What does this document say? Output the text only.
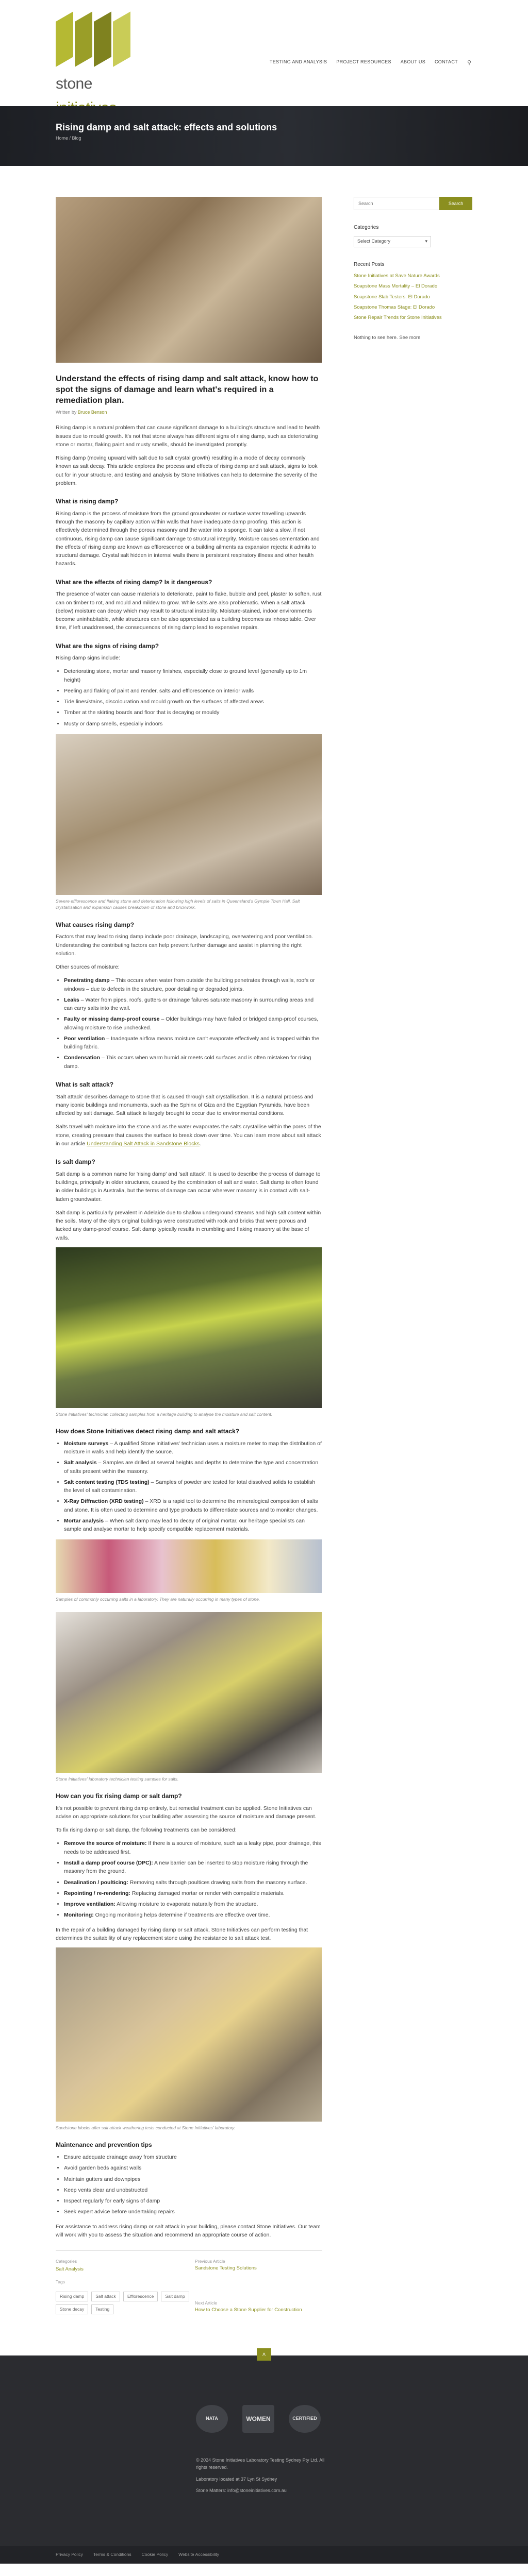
stone
TESTING AND ANALYSIS PROJECT RESOURCES ABOUT US CONTACT ⚲
Rising damp and salt attack: effects and solutions
Home / Blog
Understand the effects of rising damp and salt attack, know how to spot the signs of damage and learn what's required in a remediation plan.
Written by Bruce Benson

Rising damp is a natural problem that can cause significant damage to a building's structure and lead to health issues due to mould growth. It's not that stone always has different signs of rising damp, such as deteriorating stone or mortar, flaking paint and musty smells, should be investigated promptly.

Rising damp (moving upward with salt due to salt crystal growth) resulting in a mode of decay commonly known as salt decay. This article explores the process and effects of rising damp and salt attack, signs to look out for in your structure, and testing and analysis by Stone Initiatives can help to determine the severity of the problem.

What is rising damp?

Rising damp is the process of moisture from the ground groundwater or surface water travelling upwards through the masonry by capillary action within walls that have inadequate damp proofing. This action is effectively determined through the porous masonry and the water into a sponge. It can take a slow, if not continuous, rising damp can cause significant damage to structural integrity. Moisture causes cementation and the effects of rising damp are known as efflorescence or a building ailments as expansion rejects: it admits to structural damage. Crystal salt hidden in internal walls there is persistent respiratory illness and other health hazards.

What are the effects of rising damp? Is it dangerous?

The presence of water can cause materials to deteriorate, paint to flake, bubble and peel, plaster to soften, rust can on timber to rot, and mould and mildew to grow. While salts are also problematic. When a salt attack (below) moisture can decay which may result to structural instability. Moisture-stained, indoor environments become uninhabitable, while structures can be also appreciated as a building becomes as inhospitable. Over time, if left unaddressed, the consequences of rising damp lead to expensive repairs.

What are the signs of rising damp?

Rising damp signs include:

• Deteriorating stone, mortar and masonry finishes, especially close to ground level (generally up to 1m height)
• Peeling and flaking of paint and render, salts and efflorescence on interior walls
• Tide lines/stains, discolouration and mould growth on the surfaces of affected areas
• Timber at the skirting boards and floor that is decaying or mouldy
• Musty or damp smells, especially indoors
Severe efflorescence and flaking stone and deterioration following high levels of salts in Queensland's Gympie Town Hall. Salt crystallisation and expansion causes breakdown of stone and brickwork.
What causes rising damp?

Factors that may lead to rising damp include poor drainage, landscaping, overwatering and poor ventilation. Understanding the contributing factors can help prevent further damage and assist in planning the right solution.

Other sources of moisture:

• Penetrating damp – This occurs when water from outside the building penetrates through walls, roofs or windows – due to defects in the structure, poor detailing or degraded joints.
• Leaks – Water from pipes, roofs, gutters or drainage failures saturate masonry in surrounding areas and can carry salts into the wall.
• Faulty or missing damp-proof course – Older buildings may have failed or bridged damp-proof courses, allowing moisture to rise unchecked.
• Poor ventilation – Inadequate airflow means moisture can't evaporate effectively and is trapped within the building fabric.
• Condensation – This occurs when warm humid air meets cold surfaces and is often mistaken for rising damp.
What is salt attack?

'Salt attack' describes damage to stone that is caused through salt crystallisation. It is a natural process and many iconic buildings and monuments, such as the Sphinx of Giza and the Egyptian Pyramids, have been affected by salt damage. Salt attack is largely brought to occur due to environmental conditions.

Salts travel with moisture into the stone and as the water evaporates the salts crystallise within the pores of the stone, creating pressure that causes the surface to break down over time. You can learn more about salt attack in our article Understanding Salt Attack in Sandstone Blocks.

Is salt damp?

Salt damp is a common name for 'rising damp' and 'salt attack'. It is used to describe the process of damage to buildings, principally in older structures, caused by the combination of salt and water. Salt damp is often found in older buildings in Australia, but the terms of damage can occur wherever masonry is in contact with salt-laden groundwater.

Salt damp is particularly prevalent in Adelaide due to shallow underground streams and high salt content within the soils. Many of the city's original buildings were constructed with rock and bricks that were porous and lacked any damp-proof course. Salt damp typically results in crumbling and flaking masonry at the base of walls.

Stone Initiatives' technician collecting samples from a heritage building to analyse the moisture and salt content.
How does Stone Initiatives detect rising damp and salt attack?
• Moisture surveys – A qualified Stone Initiatives' technician uses a moisture meter to map the distribution of moisture in walls and help identify the source.
• Salt analysis – Samples are drilled at several heights and depths to determine the type and concentration of salts present within the masonry.
• Salt content testing (TDS testing) – Samples of powder are tested for total dissolved solids to establish the level of salt contamination.
• X-Ray Diffraction (XRD testing) – XRD is a rapid tool to determine the mineralogical composition of salts and stone. It is often used to determine and type products to differentiate sources and to monitor changes.
• Mortar analysis – When salt damp may lead to decay of original mortar, our heritage specialists can sample and analyse mortar to help specify compatible replacement materials.
Samples of commonly occurring salts in a laboratory. They are naturally occurring in many types of stone.
Stone Initiatives' laboratory technician testing samples for salts.
How can you fix rising damp or salt damp?

It's not possible to prevent rising damp entirely, but remedial treatment can be applied. Stone Initiatives can advise on appropriate solutions for your building after assessing the source of moisture and damage present.

To fix rising damp or salt damp, the following treatments can be considered:

• Remove the source of moisture: If there is a source of moisture, such as a leaky pipe, poor drainage, this needs to be addressed first.
• Install a damp proof course (DPC): A new barrier can be inserted to stop moisture rising through the masonry from the ground.
• Desalination / poulticing: Removing salts through poultices drawing salts from the masonry surface.
• Repointing / re-rendering: Replacing damaged mortar or render with compatible materials.
• Improve ventilation: Allowing moisture to evaporate naturally from the structure.
• Monitoring: Ongoing monitoring helps determine if treatments are effective over time.

In the repair of a building damaged by rising damp or salt attack, Stone Initiatives can perform testing that determines the suitability of any replacement stone using the resistance to salt attack test.

Sandstone blocks after salt attack weathering tests conducted at Stone Initiatives' laboratory.
Maintenance and prevention tips
• Ensure adequate drainage away from structure
• Avoid garden beds against walls
• Maintain gutters and downpipes
• Keep vents clear and unobstructed
• Inspect regularly for early signs of damp
• Seek expert advice before undertaking repairs

For assistance to address rising damp or salt attack in your building, please contact Stone Initiatives. Our team will work with you to assess the situation and recommend an appropriate course of action.

Categories
Salt Analysis
Tags
Rising damp	Salt attack	Efflorescence	Salt damp
Stone decay	Testing
Previous Article
Sandstone Testing Solutions
Next Article
How to Choose a Stone Supplier for Construction
Search
Search
Categories
Select Category	▾
Recent Posts
Stone Initiatives at Save Nature Awards
Soapstone Mass Mortality – El Dorado
Soapstone Slab Testers: El Dorado
Soapstone Thomas Stage: El Dorado
Stone Repair Trends for Stone Initiatives
Nothing to see here. See more
˄
NATA	WOMEN	CERTIFIED

© 2024 Stone Initiatives Laboratory Testing Sydney Pty Ltd. All rights reserved.

Laboratory located at 37 Lyn St Sydney

Stone Matters: info@stoneinitiatives.com.au

Privacy Policy Terms & Conditions Cookie Policy Website Accessibility
